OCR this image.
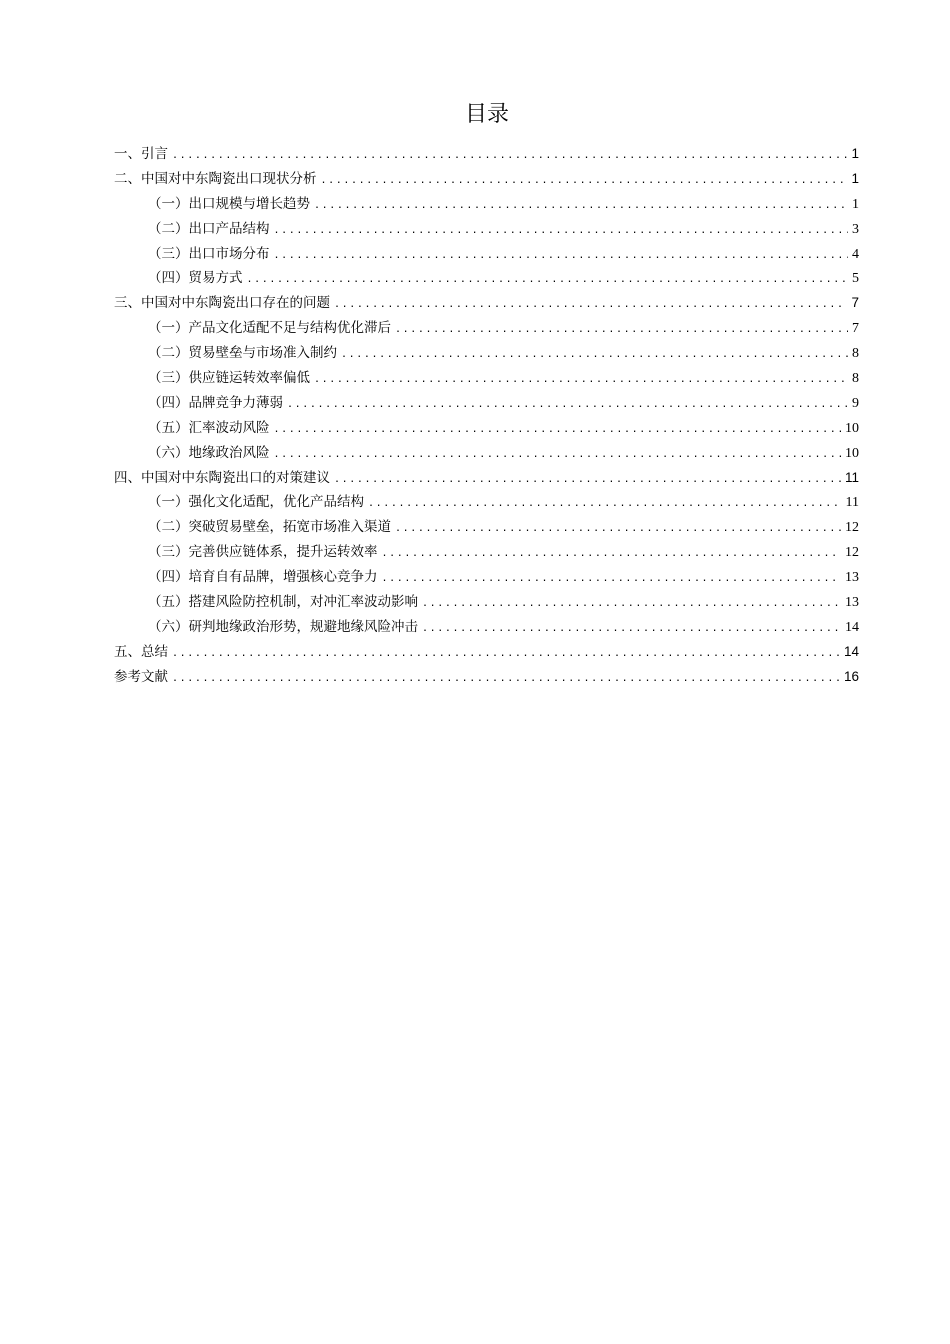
目录
一、引言 .....	1
二、中国对中东陶瓷出口现状分析 .....	1
（一）出口规模与增长趋势 .....	1
（二）出口产品结构 .....	3
（三）出口市场分布 .....	4
（四）贸易方式 .....	5
三、中国对中东陶瓷出口存在的问题 .....	7
（一）产品文化适配不足与结构优化滞后 .....	7
（二）贸易壁垒与市场准入制约 .....	8
（三）供应链运转效率偏低 .....	8
（四）品牌竞争力薄弱 .....	9
（五）汇率波动风险 .....	10
（六）地缘政治风险 .....	10
四、中国对中东陶瓷出口的对策建议 .....	11
（一）强化文化适配，优化产品结构 .....	11
（二）突破贸易壁垒，拓宽市场准入渠道 .....	12
（三）完善供应链体系，提升运转效率 .....	12
（四）培育自有品牌，增强核心竞争力 .....	13
（五）搭建风险防控机制，对冲汇率波动影响 .....	13
（六）研判地缘政治形势，规避地缘风险冲击 .....	14
五、总结 .....	14
参考文献 .....	16
